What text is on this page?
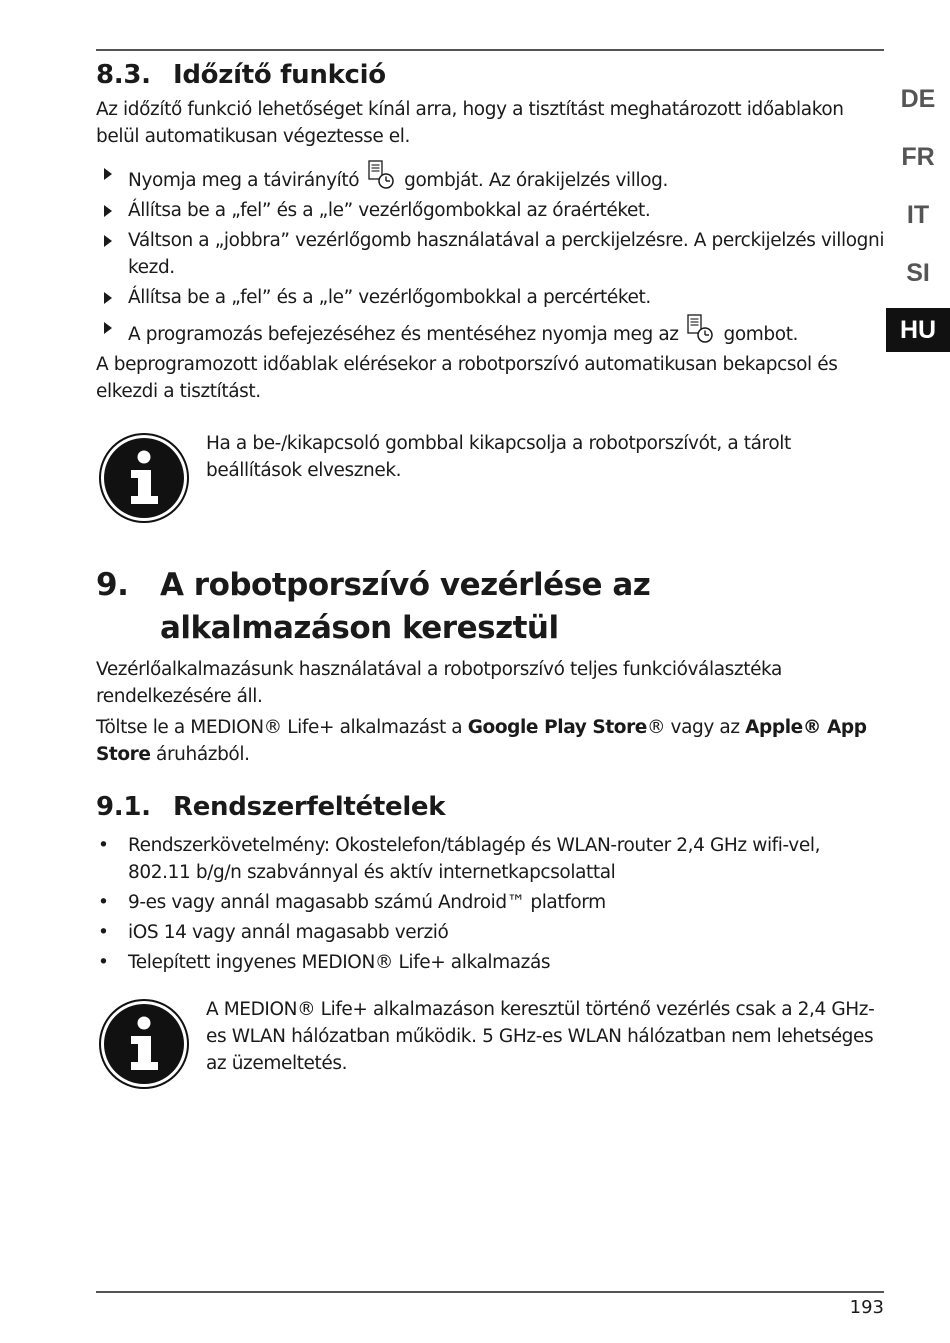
DE
FR
IT
SI
HU
8.3. Időzítő funkció

Az időzítő funkció lehetőséget kínál arra, hogy a tisztítást meghatározott időablakon belül automatikusan végeztesse el.

Nyomja meg a távirányító gombját. Az órakijelzés villog.
Állítsa be a „fel” és a „le” vezérlőgombokkal az óraértéket.
Váltson a „jobbra” vezérlőgomb használatával a perckijelzésre. A perckijelzés villogni kezd.
Állítsa be a „fel” és a „le” vezérlőgombokkal a percértéket.
A programozás befejezéséhez és mentéséhez nyomja meg az gombot.

A beprogramozott időablak elérésekor a robotporszívó automatikusan bekapcsol és elkezdi a tisztítást.

Ha a be-/kikapcsoló gombbal kikapcsolja a robotporszívót, a tárolt beállítások elvesznek.

9.	A robotporszívó vezérlése az alkalmazáson keresztül

Vezérlőalkalmazásunk használatával a robotporszívó teljes funkcióválasztéka rendelkezésére áll.

Töltse le a MEDION® Life+ alkalmazást a Google Play Store® vagy az Apple® App Store áruházból.

9.1. Rendszerfeltételek
• Rendszerkövetelmény: Okostelefon/táblagép és WLAN-router 2,4 GHz wifi-vel, 802.11 b/g/n szabvánnyal és aktív internetkapcsolattal
• 9-es vagy annál magasabb számú Android™ platform
• iOS 14 vagy annál magasabb verzió
• Telepített ingyenes MEDION® Life+ alkalmazás

A MEDION® Life+ alkalmazáson keresztül történő vezérlés csak a 2,4 GHz-es WLAN hálózatban működik. 5 GHz-es WLAN hálózatban nem lehetséges az üzemeltetés.

193
